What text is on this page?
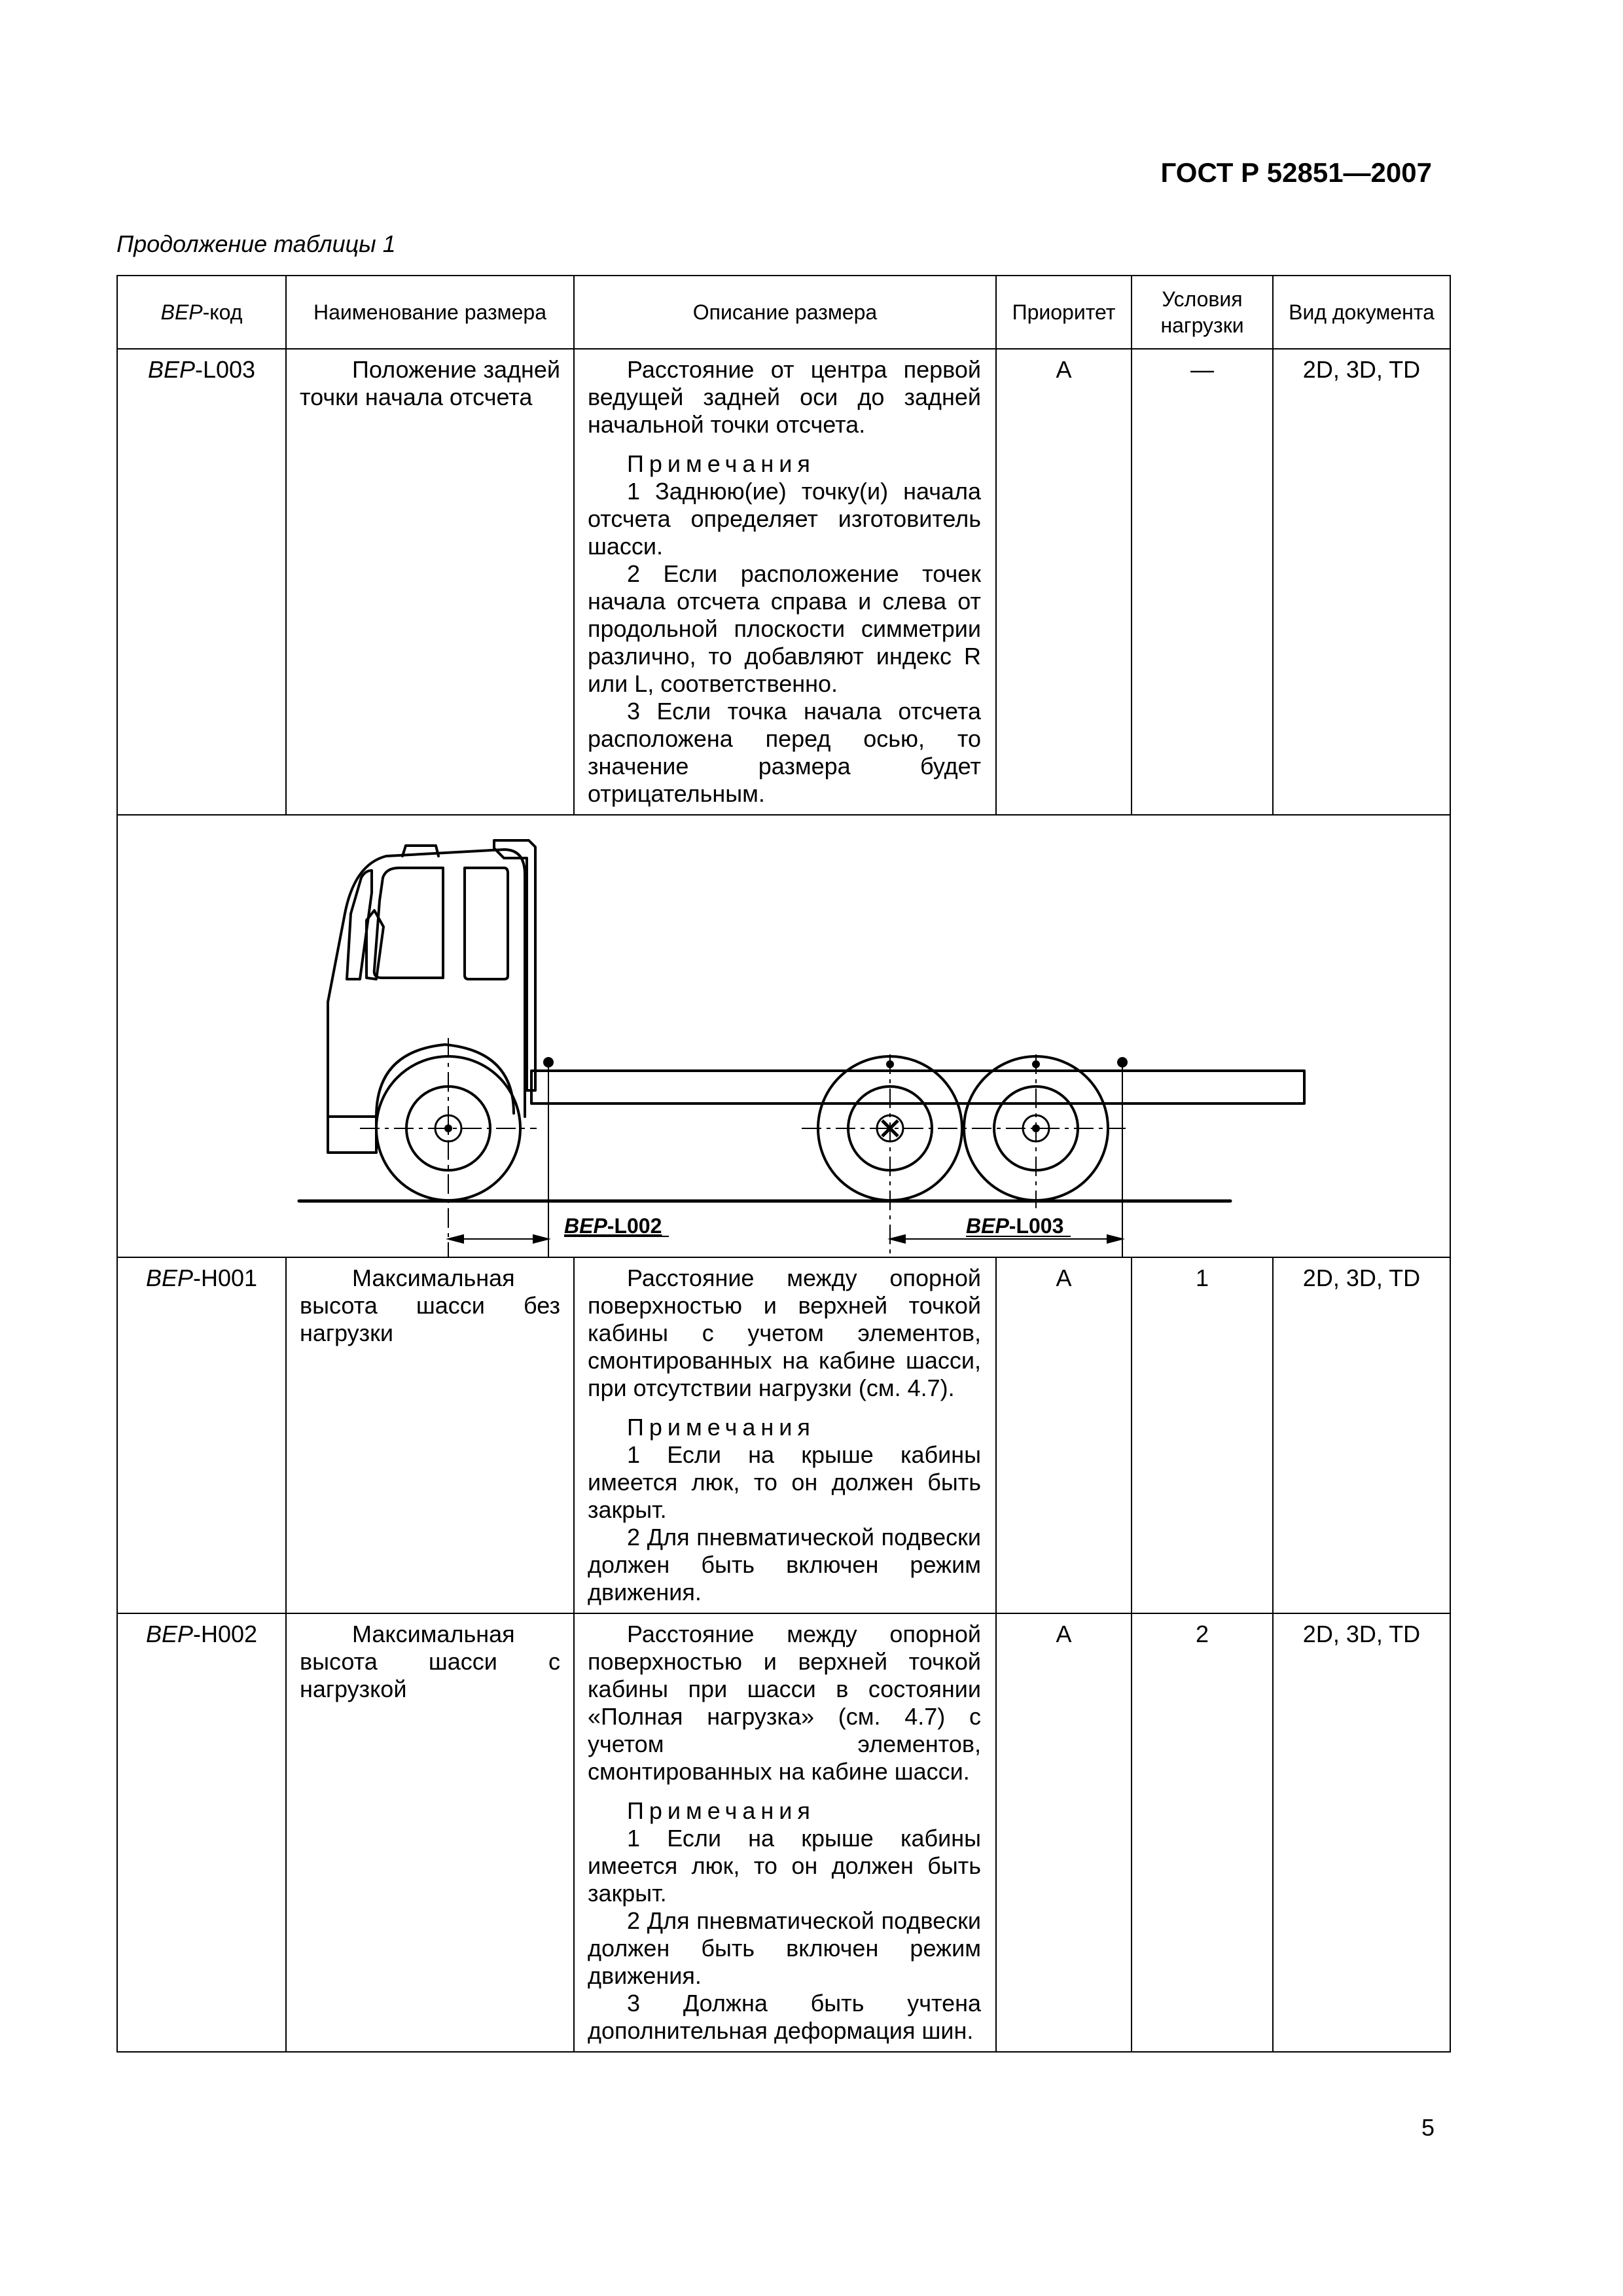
ГОСТ Р 52851—2007
Продолжение таблицы 1
ВЕР-код	Наименование размера	Описание размера	Приоритет	Условия нагрузки	Вид документа
ВЕР-L003	Положение задней точки начала отсчета	Расстояние от центра первой ведущей задней оси до задней начальной точки отсчета.

Примечания

1 Заднюю(ие) точку(и) начала отсчета определяет изготовитель шасси.

2 Если расположение точек начала отсчета справа и слева от продольной плоскости симметрии различно, то добавляют индекс R или L, соответственно.

3 Если точка начала отсчета расположена перед осью, то значение размера будет отрицательным.	A	—	2D, 3D, TD

ВЕР-L002 ВЕР-L003					

ВЕР-H001	Максимальная высота шасси без нагрузки	Расстояние между опорной поверхностью и верхней точкой кабины с учетом элементов, смонтированных на кабине шасси, при отсутствии нагрузки (см. 4.7).

Примечания

1 Если на крыше кабины имеется люк, то он должен быть закрыт.

2 Для пневматической подвески должен быть включен режим движения.	A	1	2D, 3D, TD
ВЕР-H002	Максимальная высота шасси с нагрузкой	Расстояние между опорной поверхностью и верхней точкой кабины при шасси в состоянии «Полная нагрузка» (см. 4.7) с учетом элементов, смонтированных на кабине шасси.

Примечания

1 Если на крыше кабины имеется люк, то он должен быть закрыт.

2 Для пневматической подвески должен быть включен режим движения.

3 Должна быть учтена дополнительная деформация шин.	A	2	2D, 3D, TD
5
